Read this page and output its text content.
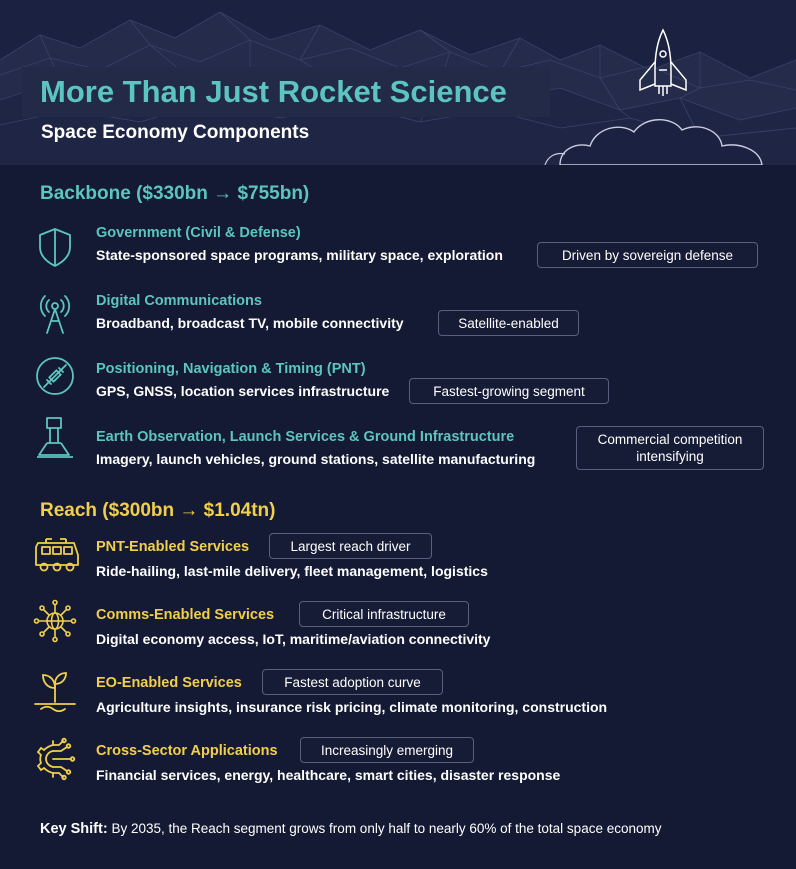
More Than Just Rocket Science
Space Economy Components
Backbone ($330bn → $755bn)
Government (Civil & Defense)
State-sponsored space programs, military space, exploration	Driven by sovereign defense
Digital Communications
Broadband, broadcast TV, mobile connectivity	Satellite-enabled
Positioning, Navigation & Timing (PNT)
GPS, GNSS, location services infrastructure	Fastest-growing segment
Earth Observation, Launch Services & Ground Infrastructure
Imagery, launch vehicles, ground stations, satellite manufacturing
Commercial competition intensifying
Reach ($300bn → $1.04tn)
PNT-Enabled Services	Largest reach driver
Ride-hailing, last-mile delivery, fleet management, logistics
Comms-Enabled Services	Critical infrastructure
Digital economy access, IoT, maritime/aviation connectivity
EO-Enabled Services	Fastest adoption curve
Agriculture insights, insurance risk pricing, climate monitoring, construction
Cross-Sector Applications	Increasingly emerging
Financial services, energy, healthcare, smart cities, disaster response
Key Shift: By 2035, the Reach segment grows from only half to nearly 60% of the total space economy
